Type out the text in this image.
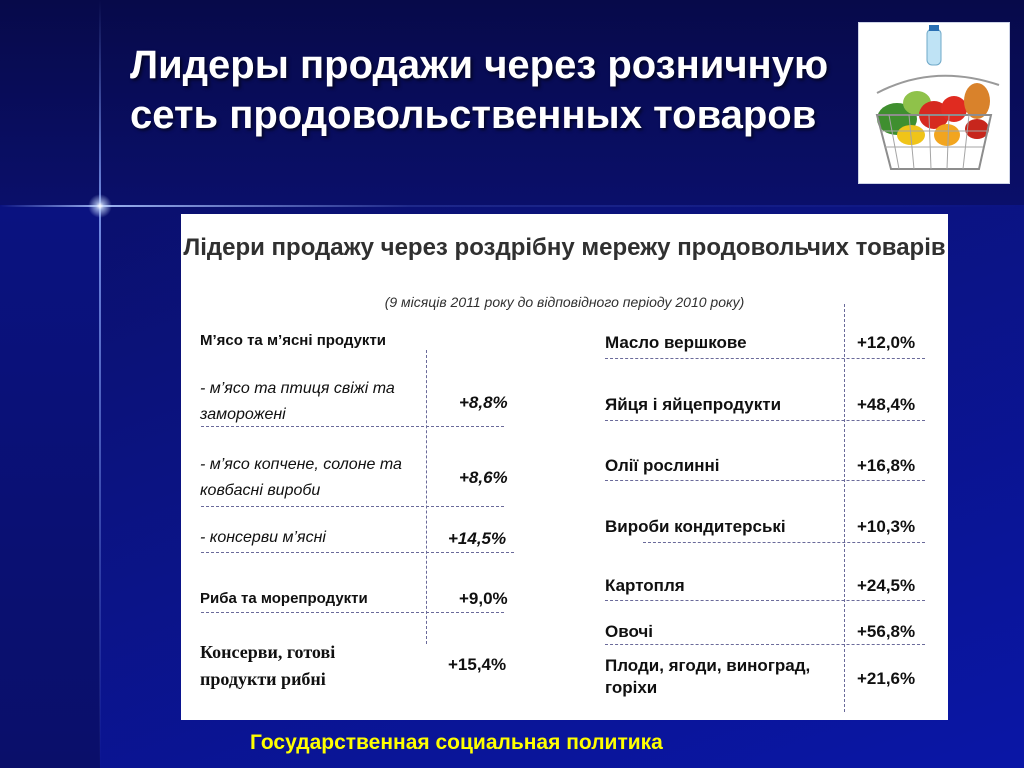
Лидеры продажи через розничную сеть продовольственных товаров
Лідери продажу через роздрібну мережу продовольчих товарів
(9 місяців 2011 року до відповідного періоду 2010 року)
М’ясо та м’ясні продукти
- м’ясо та птиця свіжі та заморожені
+8,8%
- м’ясо копчене, солоне та ковбасні вироби
+8,6%
- консерви м’ясні	+14,5%
Риба та морепродукти	+9,0%
Консерви, готові продукти рибні
+15,4%
Масло вершкове	+12,0%
Яйця і яйцепродукти	+48,4%
Олії рослинні	+16,8%
Вироби кондитерські	+10,3%
Картопля	+24,5%
Овочі	+56,8%
Плоди, ягоди, виноград, горіхи	+21,6%
Государственная социальная политика
